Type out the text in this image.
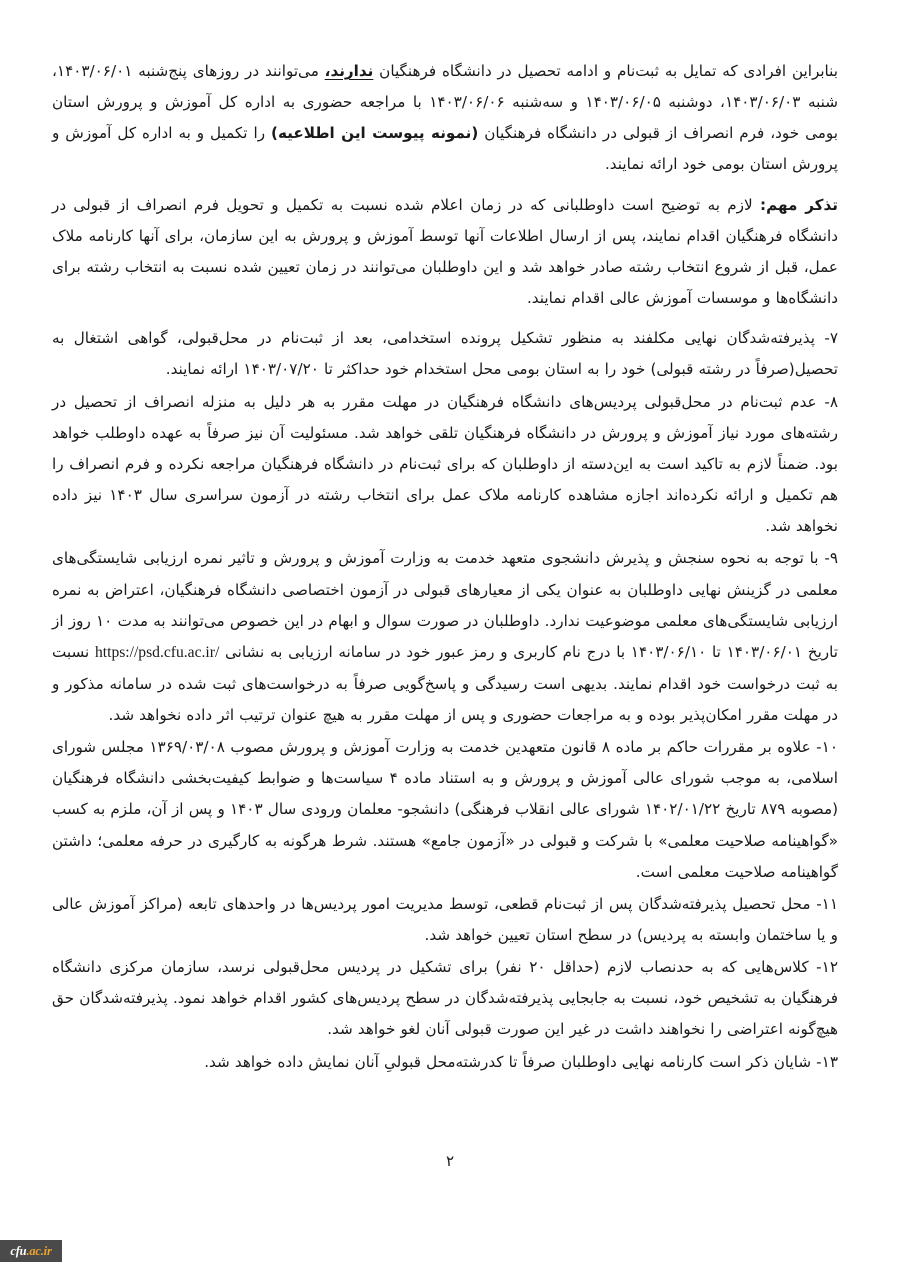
بنابراین افرادی که تمایل به ثبت‌نام و ادامه تحصیل در دانشگاه فرهنگیان ندارند، می‌توانند در روزهای پنج‌شنبه ۱۴۰۳/۰۶/۰۱، شنبه ۱۴۰۳/۰۶/۰۳، دوشنبه ۱۴۰۳/۰۶/۰۵ و سه‌شنبه ۱۴۰۳/۰۶/۰۶ با مراجعه حضوری به اداره کل آموزش و پرورش استان بومی خود، فرم انصراف از قبولی در دانشگاه فرهنگیان (نمونه پیوست این اطلاعیه) را تکمیل و به اداره کل آموزش و پرورش استان بومی خود ارائه نمایند.

تذکر مهم: لازم به توضیح است داوطلبانی که در زمان اعلام شده نسبت به تکمیل و تحویل فرم انصراف از قبولی در دانشگاه فرهنگیان اقدام نمایند، پس از ارسال اطلاعات آنها توسط آموزش و پرورش به این سازمان، برای آنها کارنامه ملاک عمل، قبل از شروع انتخاب رشته صادر خواهد شد و این داوطلبان می‌توانند در زمان تعیین شده نسبت به انتخاب رشته برای دانشگاه‌ها و موسسات آموزش عالی اقدام نمایند.

۷- پذیرفته‌شدگان نهایی مکلفند به منظور تشکیل پرونده استخدامی، بعد از ثبت‌نام در محل‌قبولی، گواهی اشتغال به تحصیل(صرفاً در رشته قبولی) خود را به استان بومی محل استخدام خود حداکثر تا ۱۴۰۳/۰۷/۲۰ ارائه نمایند.

۸- عدم ثبت‌نام در محل‌قبولی پردیس‌های دانشگاه فرهنگیان در مهلت مقرر به هر دلیل به منزله انصراف از تحصیل در رشته‌های مورد نیاز آموزش و پرورش در دانشگاه فرهنگیان تلقی خواهد شد. مسئولیت آن نیز صرفاً به عهده داوطلب خواهد بود. ضمناً لازم به تاکید است به این‌دسته از داوطلبان که برای ثبت‌نام در دانشگاه فرهنگیان مراجعه نکرده و فرم انصراف را هم تکمیل و ارائه نکرده‌اند اجازه مشاهده کارنامه ملاک عمل برای انتخاب رشته در آزمون سراسری سال ۱۴۰۳ نیز داده نخواهد شد.

۹- با توجه به نحوه سنجش و پذیرش دانشجوی متعهد خدمت به وزارت آموزش و پرورش و تاثیر نمره ارزیابی شایستگی‌های معلمی در گزینش نهایی داوطلبان به عنوان یکی از معیارهای قبولی در آزمون اختصاصی دانشگاه فرهنگیان، اعتراض به نمره ارزیابی شایستگی‌های معلمی موضوعیت ندارد. داوطلبان در صورت سوال و ابهام در این خصوص می‌توانند به مدت ۱۰ روز از تاریخ ۱۴۰۳/۰۶/۰۱ تا ۱۴۰۳/۰۶/۱۰ با درج نام کاربری و رمز عبور خود در سامانه ارزیابی به نشانی https://psd.cfu.ac.ir/ نسبت به ثبت درخواست خود اقدام نمایند. بدیهی است رسیدگی و پاسخ‌گویی صرفاً به درخواست‌های ثبت شده در سامانه مذکور و در مهلت مقرر امکان‌پذیر بوده و به مراجعات حضوری و پس از مهلت مقرر به هیچ عنوان ترتیب اثر داده نخواهد شد.

۱۰- علاوه بر مقررات حاکم بر ماده ۸ قانون متعهدین خدمت به وزارت آموزش و پرورش مصوب ۱۳۶۹/۰۳/۰۸ مجلس شورای اسلامی، به موجب شورای عالی آموزش و پرورش و به استناد ماده ۴ سیاست‌ها و ضوابط کیفیت‌بخشی دانشگاه فرهنگیان (مصوبه ۸۷۹ تاریخ ۱۴۰۲/۰۱/۲۲ شورای عالی انقلاب فرهنگی) دانشجو- معلمان ورودی سال ۱۴۰۳ و پس از آن، ملزم به کسب «گواهینامه صلاحیت معلمی» با شرکت و قبولی در «آزمون جامع» هستند. شرط هرگونه به کارگیری در حرفه معلمی؛ داشتن گواهینامه صلاحیت معلمی است.

۱۱- محل تحصیل پذیرفته‌شدگان پس از ثبت‌نام قطعی، توسط مدیریت امور پردیس‌ها در واحدهای تابعه (مراکز آموزش عالی و یا ساختمان وابسته به پردیس) در سطح استان تعیین خواهد شد.

۱۲- کلاس‌هایی که به حدنصاب لازم (حداقل ۲۰ نفر) برای تشکیل در پردیس محل‌قبولی نرسد، سازمان مرکزی دانشگاه فرهنگیان به تشخیص خود، نسبت به جابجایی پذیرفته‌شدگان در سطح پردیس‌های کشور اقدام خواهد نمود. پذیرفته‌شدگان حق هیچ‌گونه اعتراضی را نخواهند داشت در غیر این صورت قبولی آنان لغو خواهد شد.

۱۳- شایان ذکر است کارنامه نهایی داوطلبان صرفاً تا کدرشته‌محل قبولیِ آنان نمایش داده خواهد شد.

۲
cfu .ac.ir
